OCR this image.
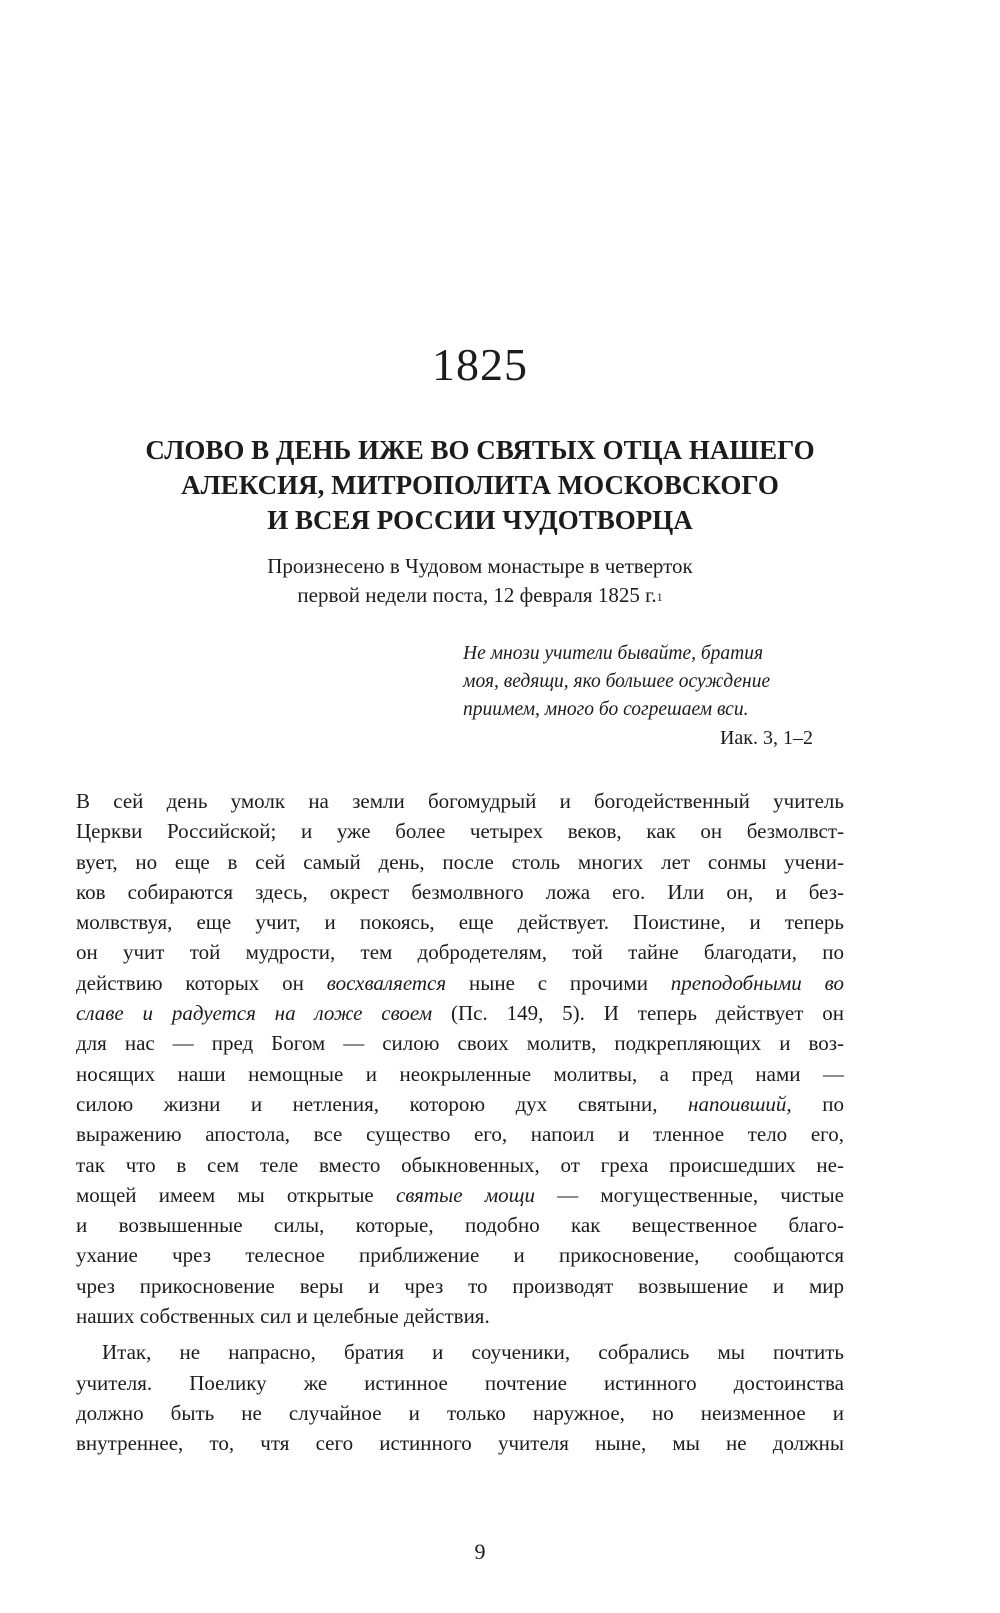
1825
СЛОВО В ДЕНЬ ИЖЕ ВО СВЯТЫХ ОТЦА НАШЕГО
АЛЕКСИЯ, МИТРОПОЛИТА МОСКОВСКОГО
И ВСЕЯ РОССИИ ЧУДОТВОРЦА
Произнесено в Чудовом монастыре в четверток
первой недели поста, 12 февраля 1825 г.$^1$
Не мнози учители бывайте, братия
моя, ведящи, яко большее осуждение
приимем, много бо согрешаем вси.
Иак. 3, 1–2
В сей день умолк на земли богомудрый и богодейственный учитель
Церкви Российской; и уже более четырех веков, как он безмолвст-
вует, но еще в сей самый день, после столь многих лет сонмы учени-
ков собираются здесь, окрест безмолвного ложа его. Или он, и без-
молвствуя, еще учит, и покоясь, еще действует. Поистине, и теперь
он учит той мудрости, тем добродетелям, той тайне благодати, по
действию которых он восхваляется ныне с прочими преподобными во
славе и радуется на ложе своем (Пс. 149, 5). И теперь действует он
для нас — пред Богом — силою своих молитв, подкрепляющих и воз-
носящих наши немощные и неокрыленные молитвы, а пред нами —
силою жизни и нетления, которою дух святыни, напоивший, по
выражению апостола, все существо его, напоил и тленное тело его,
так что в сем теле вместо обыкновенных, от греха происшедших не-
мощей имеем мы открытые святые мощи — могущественные, чистые
и возвышенные силы, которые, подобно как вещественное благо-
ухание чрез телесное приближение и прикосновение, сообщаются
чрез прикосновение веры и чрез то производят возвышение и мир
наших собственных сил и целебные действия.
Итак, не напрасно, братия и соученики, собрались мы почтить
учителя. Поелику же истинное почтение истинного достоинства
должно быть не случайное и только наружное, но неизменное и
внутреннее, то, чтя сего истинного учителя ныне, мы не должны
9
